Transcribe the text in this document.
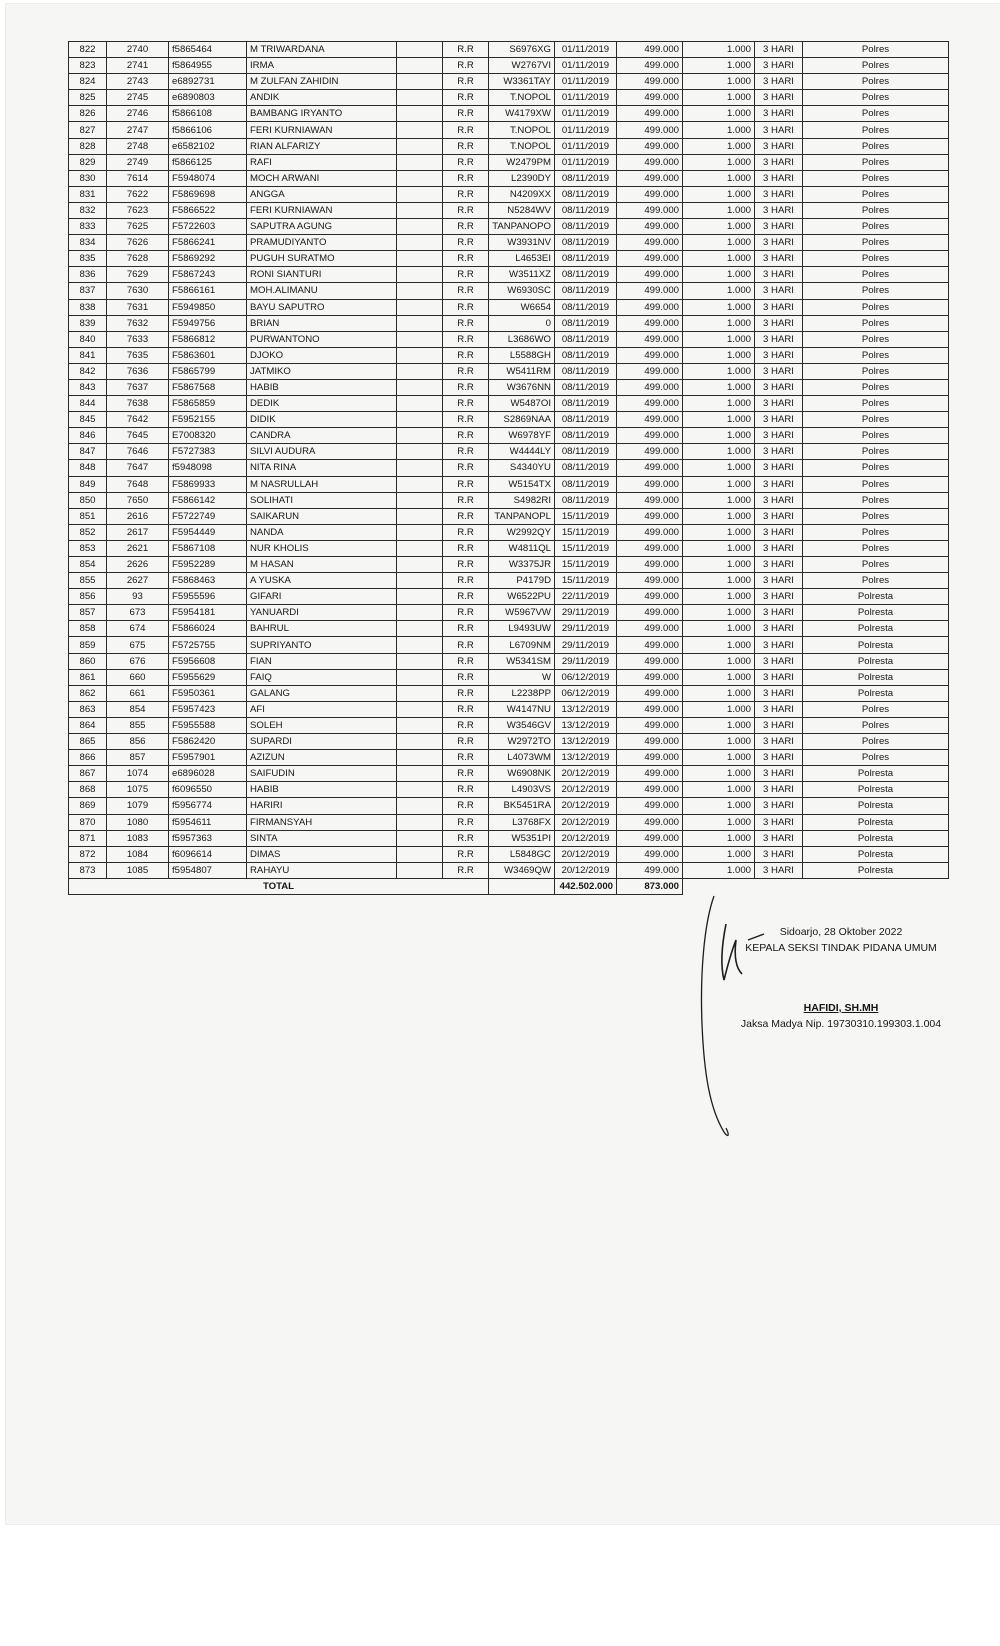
822	2740	f5865464	M TRIWARDANA		R.R	S6976XG	01/11/2019	499.000	1.000	3 HARI	Polres
823	2741	f5864955	IRMA		R.R	W2767VI	01/11/2019	499.000	1.000	3 HARI	Polres
824	2743	e6892731	M ZULFAN ZAHIDIN		R.R	W3361TAY	01/11/2019	499.000	1.000	3 HARI	Polres
825	2745	e6890803	ANDIK		R.R	T.NOPOL	01/11/2019	499.000	1.000	3 HARI	Polres
826	2746	f5866108	BAMBANG IRYANTO		R.R	W4179XW	01/11/2019	499.000	1.000	3 HARI	Polres
827	2747	f5866106	FERI KURNIAWAN		R.R	T.NOPOL	01/11/2019	499.000	1.000	3 HARI	Polres
828	2748	e6582102	RIAN ALFARIZY		R.R	T.NOPOL	01/11/2019	499.000	1.000	3 HARI	Polres
829	2749	f5866125	RAFI		R.R	W2479PM	01/11/2019	499.000	1.000	3 HARI	Polres
830	7614	F5948074	MOCH ARWANI		R.R	L2390DY	08/11/2019	499.000	1.000	3 HARI	Polres
831	7622	F5869698	ANGGA		R.R	N4209XX	08/11/2019	499.000	1.000	3 HARI	Polres
832	7623	F5866522	FERI KURNIAWAN		R.R	N5284WV	08/11/2019	499.000	1.000	3 HARI	Polres
833	7625	F5722603	SAPUTRA AGUNG		R.R	TANPANOPO	08/11/2019	499.000	1.000	3 HARI	Polres
834	7626	F5866241	PRAMUDIYANTO		R.R	W3931NV	08/11/2019	499.000	1.000	3 HARI	Polres
835	7628	F5869292	PUGUH SURATMO		R.R	L4653EI	08/11/2019	499.000	1.000	3 HARI	Polres
836	7629	F5867243	RONI SIANTURI		R.R	W3511XZ	08/11/2019	499.000	1.000	3 HARI	Polres
837	7630	F5866161	MOH.ALIMANU		R.R	W6930SC	08/11/2019	499.000	1.000	3 HARI	Polres
838	7631	F5949850	BAYU SAPUTRO		R.R	W6654	08/11/2019	499.000	1.000	3 HARI	Polres
839	7632	F5949756	BRIAN		R.R	0	08/11/2019	499.000	1.000	3 HARI	Polres
840	7633	F5866812	PURWANTONO		R.R	L3686WO	08/11/2019	499.000	1.000	3 HARI	Polres
841	7635	F5863601	DJOKO		R.R	L5588GH	08/11/2019	499.000	1.000	3 HARI	Polres
842	7636	F5865799	JATMIKO		R.R	W5411RM	08/11/2019	499.000	1.000	3 HARI	Polres
843	7637	F5867568	HABIB		R.R	W3676NN	08/11/2019	499.000	1.000	3 HARI	Polres
844	7638	F5865859	DEDIK		R.R	W5487OI	08/11/2019	499.000	1.000	3 HARI	Polres
845	7642	F5952155	DIDIK		R.R	S2869NAA	08/11/2019	499.000	1.000	3 HARI	Polres
846	7645	E7008320	CANDRA		R.R	W6978YF	08/11/2019	499.000	1.000	3 HARI	Polres
847	7646	F5727383	SILVI AUDURA		R.R	W4444LY	08/11/2019	499.000	1.000	3 HARI	Polres
848	7647	f5948098	NITA RINA		R.R	S4340YU	08/11/2019	499.000	1.000	3 HARI	Polres
849	7648	F5869933	M NASRULLAH		R.R	W5154TX	08/11/2019	499.000	1.000	3 HARI	Polres
850	7650	F5866142	SOLIHATI		R.R	S4982RI	08/11/2019	499.000	1.000	3 HARI	Polres
851	2616	F5722749	SAIKARUN		R.R	TANPANOPL	15/11/2019	499.000	1.000	3 HARI	Polres
852	2617	F5954449	NANDA		R.R	W2992QY	15/11/2019	499.000	1.000	3 HARI	Polres
853	2621	F5867108	NUR KHOLIS		R.R	W4811QL	15/11/2019	499.000	1.000	3 HARI	Polres
854	2626	F5952289	M HASAN		R.R	W3375JR	15/11/2019	499.000	1.000	3 HARI	Polres
855	2627	F5868463	A YUSKA		R.R	P4179D	15/11/2019	499.000	1.000	3 HARI	Polres
856	93	F5955596	GIFARI		R.R	W6522PU	22/11/2019	499.000	1.000	3 HARI	Polresta
857	673	F5954181	YANUARDI		R.R	W5967VW	29/11/2019	499.000	1.000	3 HARI	Polresta
858	674	F5866024	BAHRUL		R.R	L9493UW	29/11/2019	499.000	1.000	3 HARI	Polresta
859	675	F5725755	SUPRIYANTO		R.R	L6709NM	29/11/2019	499.000	1.000	3 HARI	Polresta
860	676	F5956608	FIAN		R.R	W5341SM	29/11/2019	499.000	1.000	3 HARI	Polresta
861	660	F5955629	FAIQ		R.R	W	06/12/2019	499.000	1.000	3 HARI	Polresta
862	661	F5950361	GALANG		R.R	L2238PP	06/12/2019	499.000	1.000	3 HARI	Polresta
863	854	F5957423	AFI		R.R	W4147NU	13/12/2019	499.000	1.000	3 HARI	Polres
864	855	F5955588	SOLEH		R.R	W3546GV	13/12/2019	499.000	1.000	3 HARI	Polres
865	856	F5862420	SUPARDI		R.R	W2972TO	13/12/2019	499.000	1.000	3 HARI	Polres
866	857	F5957901	AZIZUN		R.R	L4073WM	13/12/2019	499.000	1.000	3 HARI	Polres
867	1074	e6896028	SAIFUDIN		R.R	W6908NK	20/12/2019	499.000	1.000	3 HARI	Polresta
868	1075	f6096550	HABIB		R.R	L4903VS	20/12/2019	499.000	1.000	3 HARI	Polresta
869	1079	f5956774	HARIRI		R.R	BK5451RA	20/12/2019	499.000	1.000	3 HARI	Polresta
870	1080	f5954611	FIRMANSYAH		R.R	L3768FX	20/12/2019	499.000	1.000	3 HARI	Polresta
871	1083	f5957363	SINTA		R.R	W5351PI	20/12/2019	499.000	1.000	3 HARI	Polresta
872	1084	f6096614	DIMAS		R.R	L5848GC	20/12/2019	499.000	1.000	3 HARI	Polresta
873	1085	f5954807	RAHAYU		R.R	W3469QW	20/12/2019	499.000	1.000	3 HARI	Polresta
TOTAL							442.502.000	873.000			
Sidoarjo, 28 Oktober 2022
KEPALA SEKSI TINDAK PIDANA UMUM
HAFIDI, SH.MH
Jaksa Madya Nip. 19730310.199303.1.004
